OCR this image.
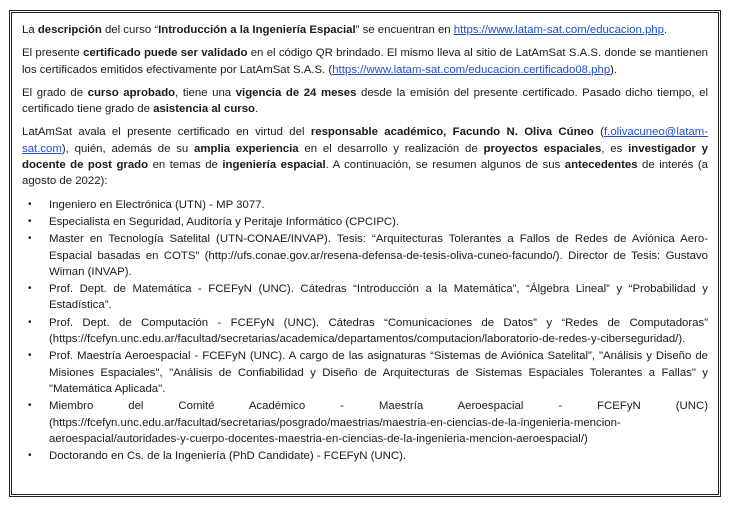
La descripción del curso “Introducción a la Ingeniería Espacial” se encuentran en https://www.latam-sat.com/educacion.php.

El presente certificado puede ser validado en el código QR brindado. El mismo lleva al sitio de LatAmSat S.A.S. donde se mantienen los certificados emitidos efectivamente por LatAmSat S.A.S. (https://www.latam-sat.com/educacion.certificado08.php).

El grado de curso aprobado, tiene una vigencia de 24 meses desde la emisión del presente certificado. Pasado dicho tiempo, el certificado tiene grado de asistencia al curso.

LatAmSat avala el presente certificado en virtud del responsable académico, Facundo N. Oliva Cúneo (f.olivacuneo@latam-sat.com), quién, además de su amplia experiencia en el desarrollo y realización de proyectos espaciales, es investigador y docente de post grado en temas de ingeniería espacial. A continuación, se resumen algunos de sus antecedentes de interés (a agosto de 2022):

• Ingeniero en Electrónica (UTN) - MP 3077.
• Especialista en Seguridad, Auditoría y Peritaje Informático (CPCIPC).
• Master en Tecnología Satelital (UTN-CONAE/INVAP). Tesis: “Arquitecturas Tolerantes a Fallos de Redes de Aviónica Aero-Espacial basadas en COTS” (http://ufs.conae.gov.ar/resena-defensa-de-tesis-oliva-cuneo-facundo/). Director de Tesis: Gustavo Wiman (INVAP).
• Prof. Dept. de Matemática - FCEFyN (UNC). Cátedras “Introducción a la Matemática”, “Álgebra Lineal” y “Probabilidad y Estadística”.
• Prof. Dept. de Computación - FCEFyN (UNC). Cátedras “Comunicaciones de Datos” y “Redes de Computadoras” (https://fcefyn.unc.edu.ar/facultad/secretarias/academica/departamentos/computacion/laboratorio-de-redes-y-ciberseguridad/).
• Prof. Maestría Aeroespacial - FCEFyN (UNC). A cargo de las asignaturas “Sistemas de Aviónica Satelital”, "Análisis y Diseño de Misiones Espaciales", "Análisis de Confiabilidad y Diseño de Arquitecturas de Sistemas Espaciales Tolerantes a Fallas" y "Matemática Aplicada".
• Miembro del Comité Académico - Maestría Aeroespacial - FCEFyN (UNC) (https://fcefyn.unc.edu.ar/facultad/secretarias/posgrado/maestrias/maestria-en-ciencias-de-la-ingenieria-mencion-aeroespacial/autoridades-y-cuerpo-docentes-maestria-en-ciencias-de-la-ingenieria-mencion-aeroespacial/)
• Doctorando en Cs. de la Ingeniería (PhD Candidate) - FCEFyN (UNC).
